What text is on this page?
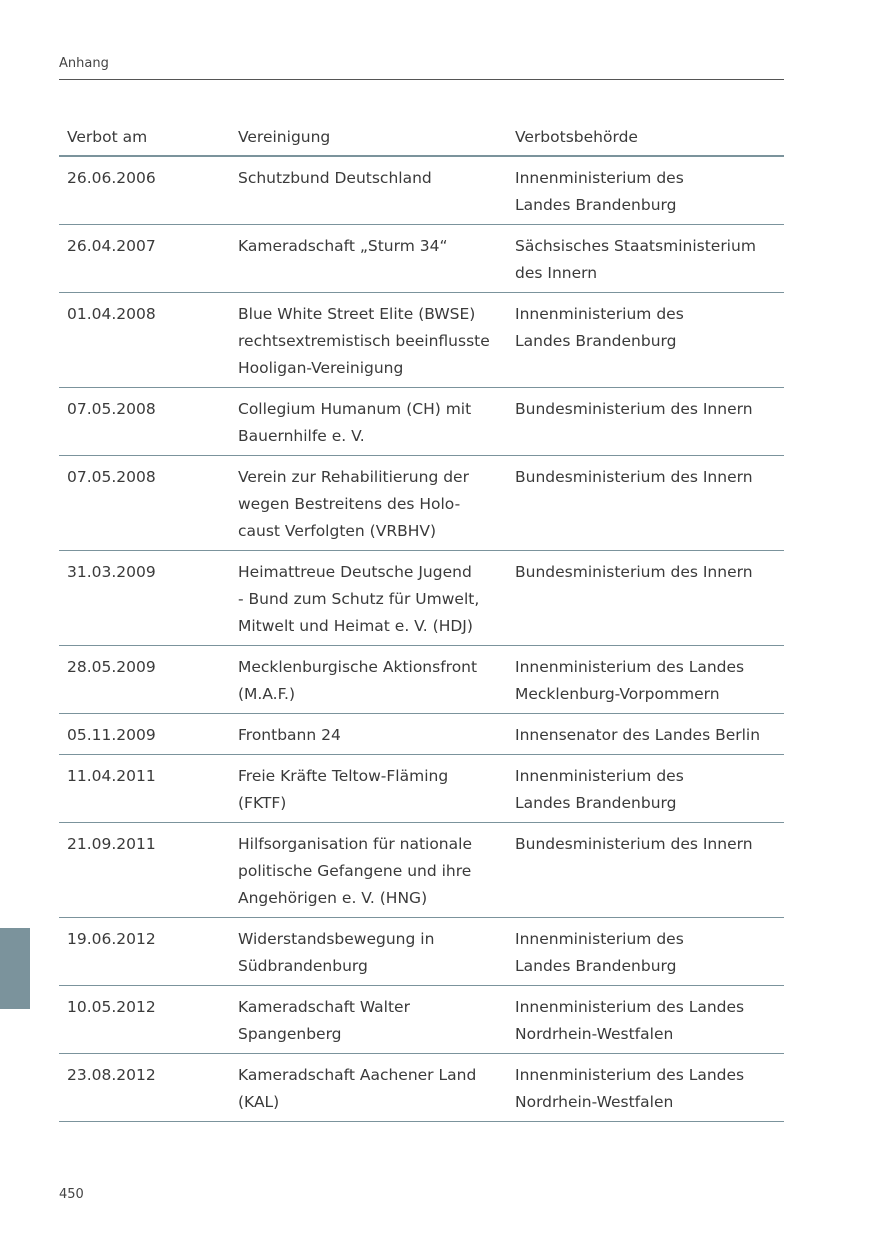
Anhang
Verbot am	Vereinigung	Verbotsbehörde
26.06.2006	Schutzbund Deutschland	Innenministerium des
Landes Brandenburg
26.04.2007	Kameradschaft „Sturm 34“	Sächsisches Staatsministerium
des Innern
01.04.2008	Blue White Street Elite (BWSE)
rechtsextremistisch beeinflusste
Hooligan-Vereinigung	Innenministerium des
Landes Brandenburg
07.05.2008	Collegium Humanum (CH) mit
Bauernhilfe e. V.	Bundesministerium des Innern
07.05.2008	Verein zur Rehabilitierung der
wegen Bestreitens des Holo-
caust Verfolgten (VRBHV)	Bundesministerium des Innern
31.03.2009	Heimattreue Deutsche Jugend
- Bund zum Schutz für Umwelt,
Mitwelt und Heimat e. V. (HDJ)	Bundesministerium des Innern
28.05.2009	Mecklenburgische Aktionsfront
(M.A.F.)	Innenministerium des Landes
Mecklenburg-Vorpommern
05.11.2009	Frontbann 24	Innensenator des Landes Berlin
11.04.2011	Freie Kräfte Teltow-Fläming
(FKTF)	Innenministerium des
Landes Brandenburg
21.09.2011	Hilfsorganisation für nationale
politische Gefangene und ihre
Angehörigen e. V. (HNG)	Bundesministerium des Innern
19.06.2012	Widerstandsbewegung in
Südbrandenburg	Innenministerium des
Landes Brandenburg
10.05.2012	Kameradschaft Walter
Spangenberg	Innenministerium des Landes
Nordrhein-Westfalen
23.08.2012	Kameradschaft Aachener Land
(KAL)	Innenministerium des Landes
Nordrhein-Westfalen
450
